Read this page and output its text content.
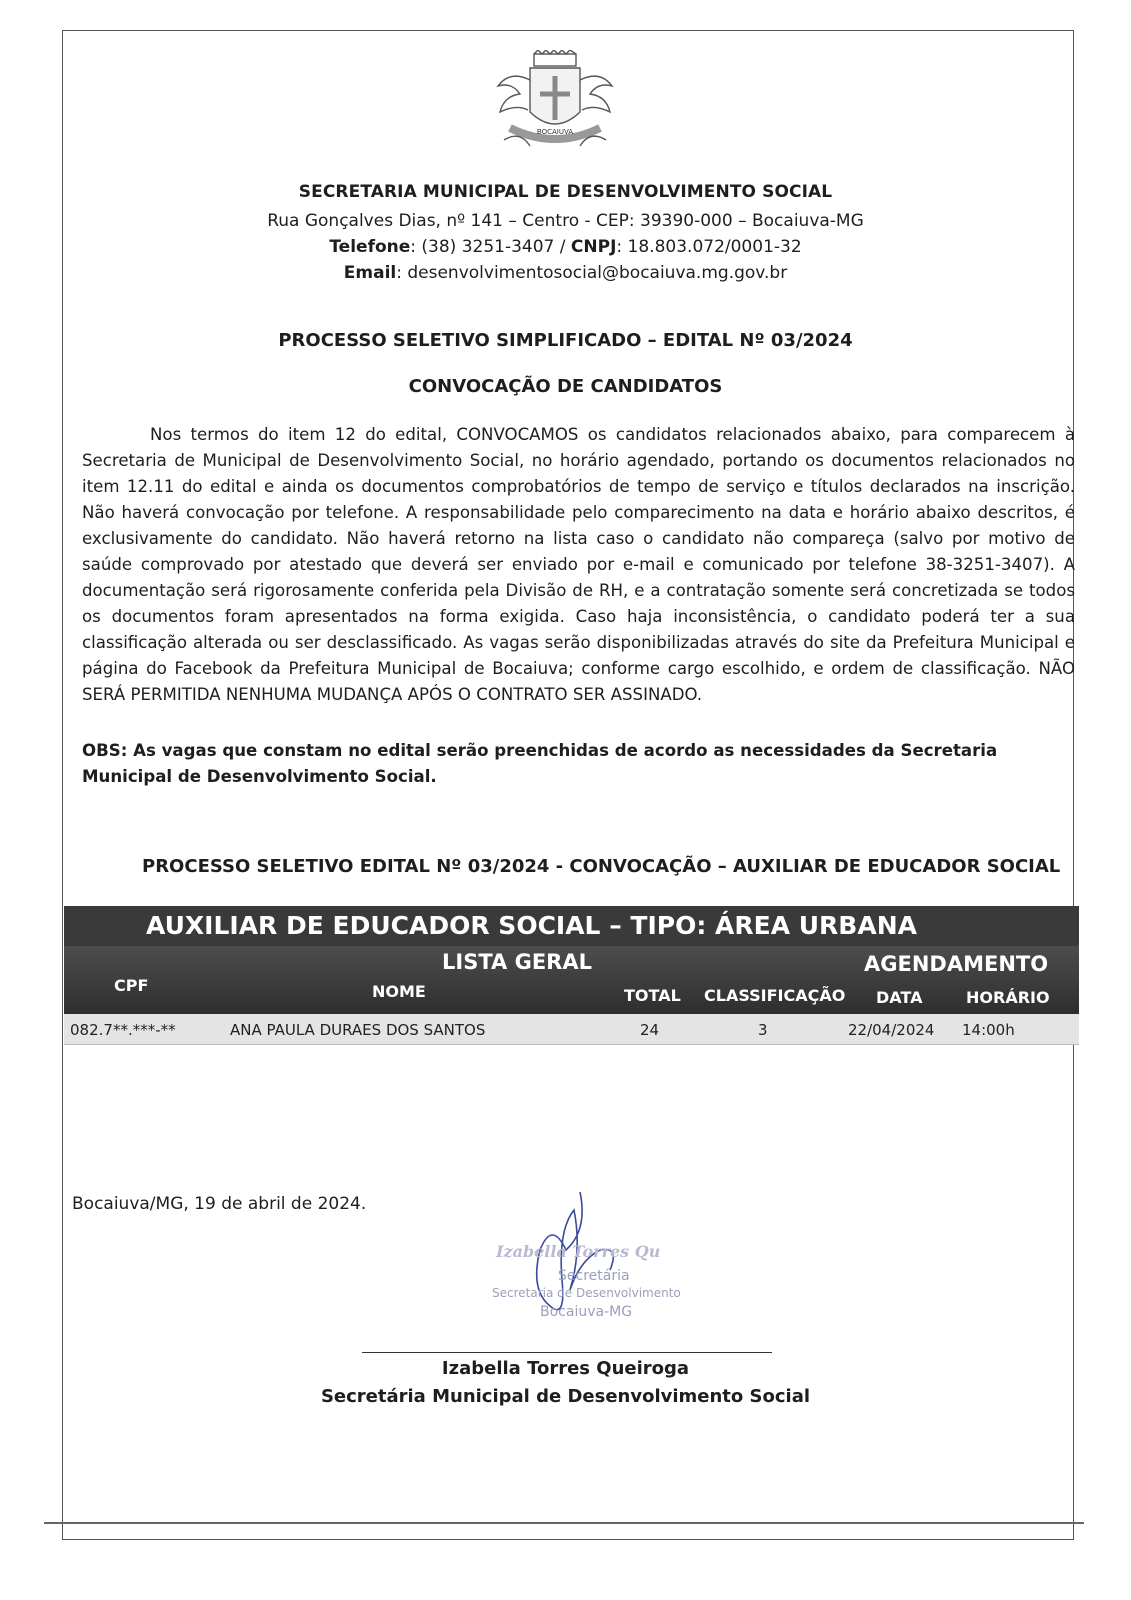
BOCAIUVA
SECRETARIA MUNICIPAL DE DESENVOLVIMENTO SOCIAL
Rua Gonçalves Dias, nº 141 – Centro - CEP: 39390-000 – Bocaiuva-MG
Telefone: (38) 3251-3407 / CNPJ: 18.803.072/0001-32
Email: desenvolvimentosocial@bocaiuva.mg.gov.br
PROCESSO SELETIVO SIMPLIFICADO – EDITAL Nº 03/2024
CONVOCAÇÃO DE CANDIDATOS
Nos termos do item 12 do edital, CONVOCAMOS os candidatos relacionados abaixo, para comparecem à Secretaria de Municipal de Desenvolvimento Social, no horário agendado, portando os documentos relacionados no item 12.11 do edital e ainda os documentos comprobatórios de tempo de serviço e títulos declarados na inscrição. Não haverá convocação por telefone. A responsabilidade pelo comparecimento na data e horário abaixo descritos, é exclusivamente do candidato. Não haverá retorno na lista caso o candidato não compareça (salvo por motivo de saúde comprovado por atestado que deverá ser enviado por e-mail e comunicado por telefone 38-3251-3407). A documentação será rigorosamente conferida pela Divisão de RH, e a contratação somente será concretizada se todos os documentos foram apresentados na forma exigida. Caso haja inconsistência, o candidato poderá ter a sua classificação alterada ou ser desclassificado. As vagas serão disponibilizadas através do site da Prefeitura Municipal e página do Facebook da Prefeitura Municipal de Bocaiuva; conforme cargo escolhido, e ordem de classificação. NÃO SERÁ PERMITIDA NENHUMA MUDANÇA APÓS O CONTRATO SER ASSINADO.
OBS: As vagas que constam no edital serão preenchidas de acordo as necessidades da Secretaria Municipal de Desenvolvimento Social.
PROCESSO SELETIVO EDITAL Nº 03/2024 - CONVOCAÇÃO – AUXILIAR DE EDUCADOR SOCIAL
AUXILIAR DE EDUCADOR SOCIAL – TIPO: ÁREA URBANA
LISTA GERAL	AGENDAMENTO
CPF	NOME	TOTAL CLASSIFICAÇÃO DATA	HORÁRIO
082.7**.***-**	ANA PAULA DURAES DOS SANTOS	24	3	22/04/2024 14:00h
Bocaiuva/MG, 19 de abril de 2024.
Izabella Torres Qu
Secretária
Secretaria de Desenvolvimento
Bocaiuva-MG
Izabella Torres Queiroga
Secretária Municipal de Desenvolvimento Social
